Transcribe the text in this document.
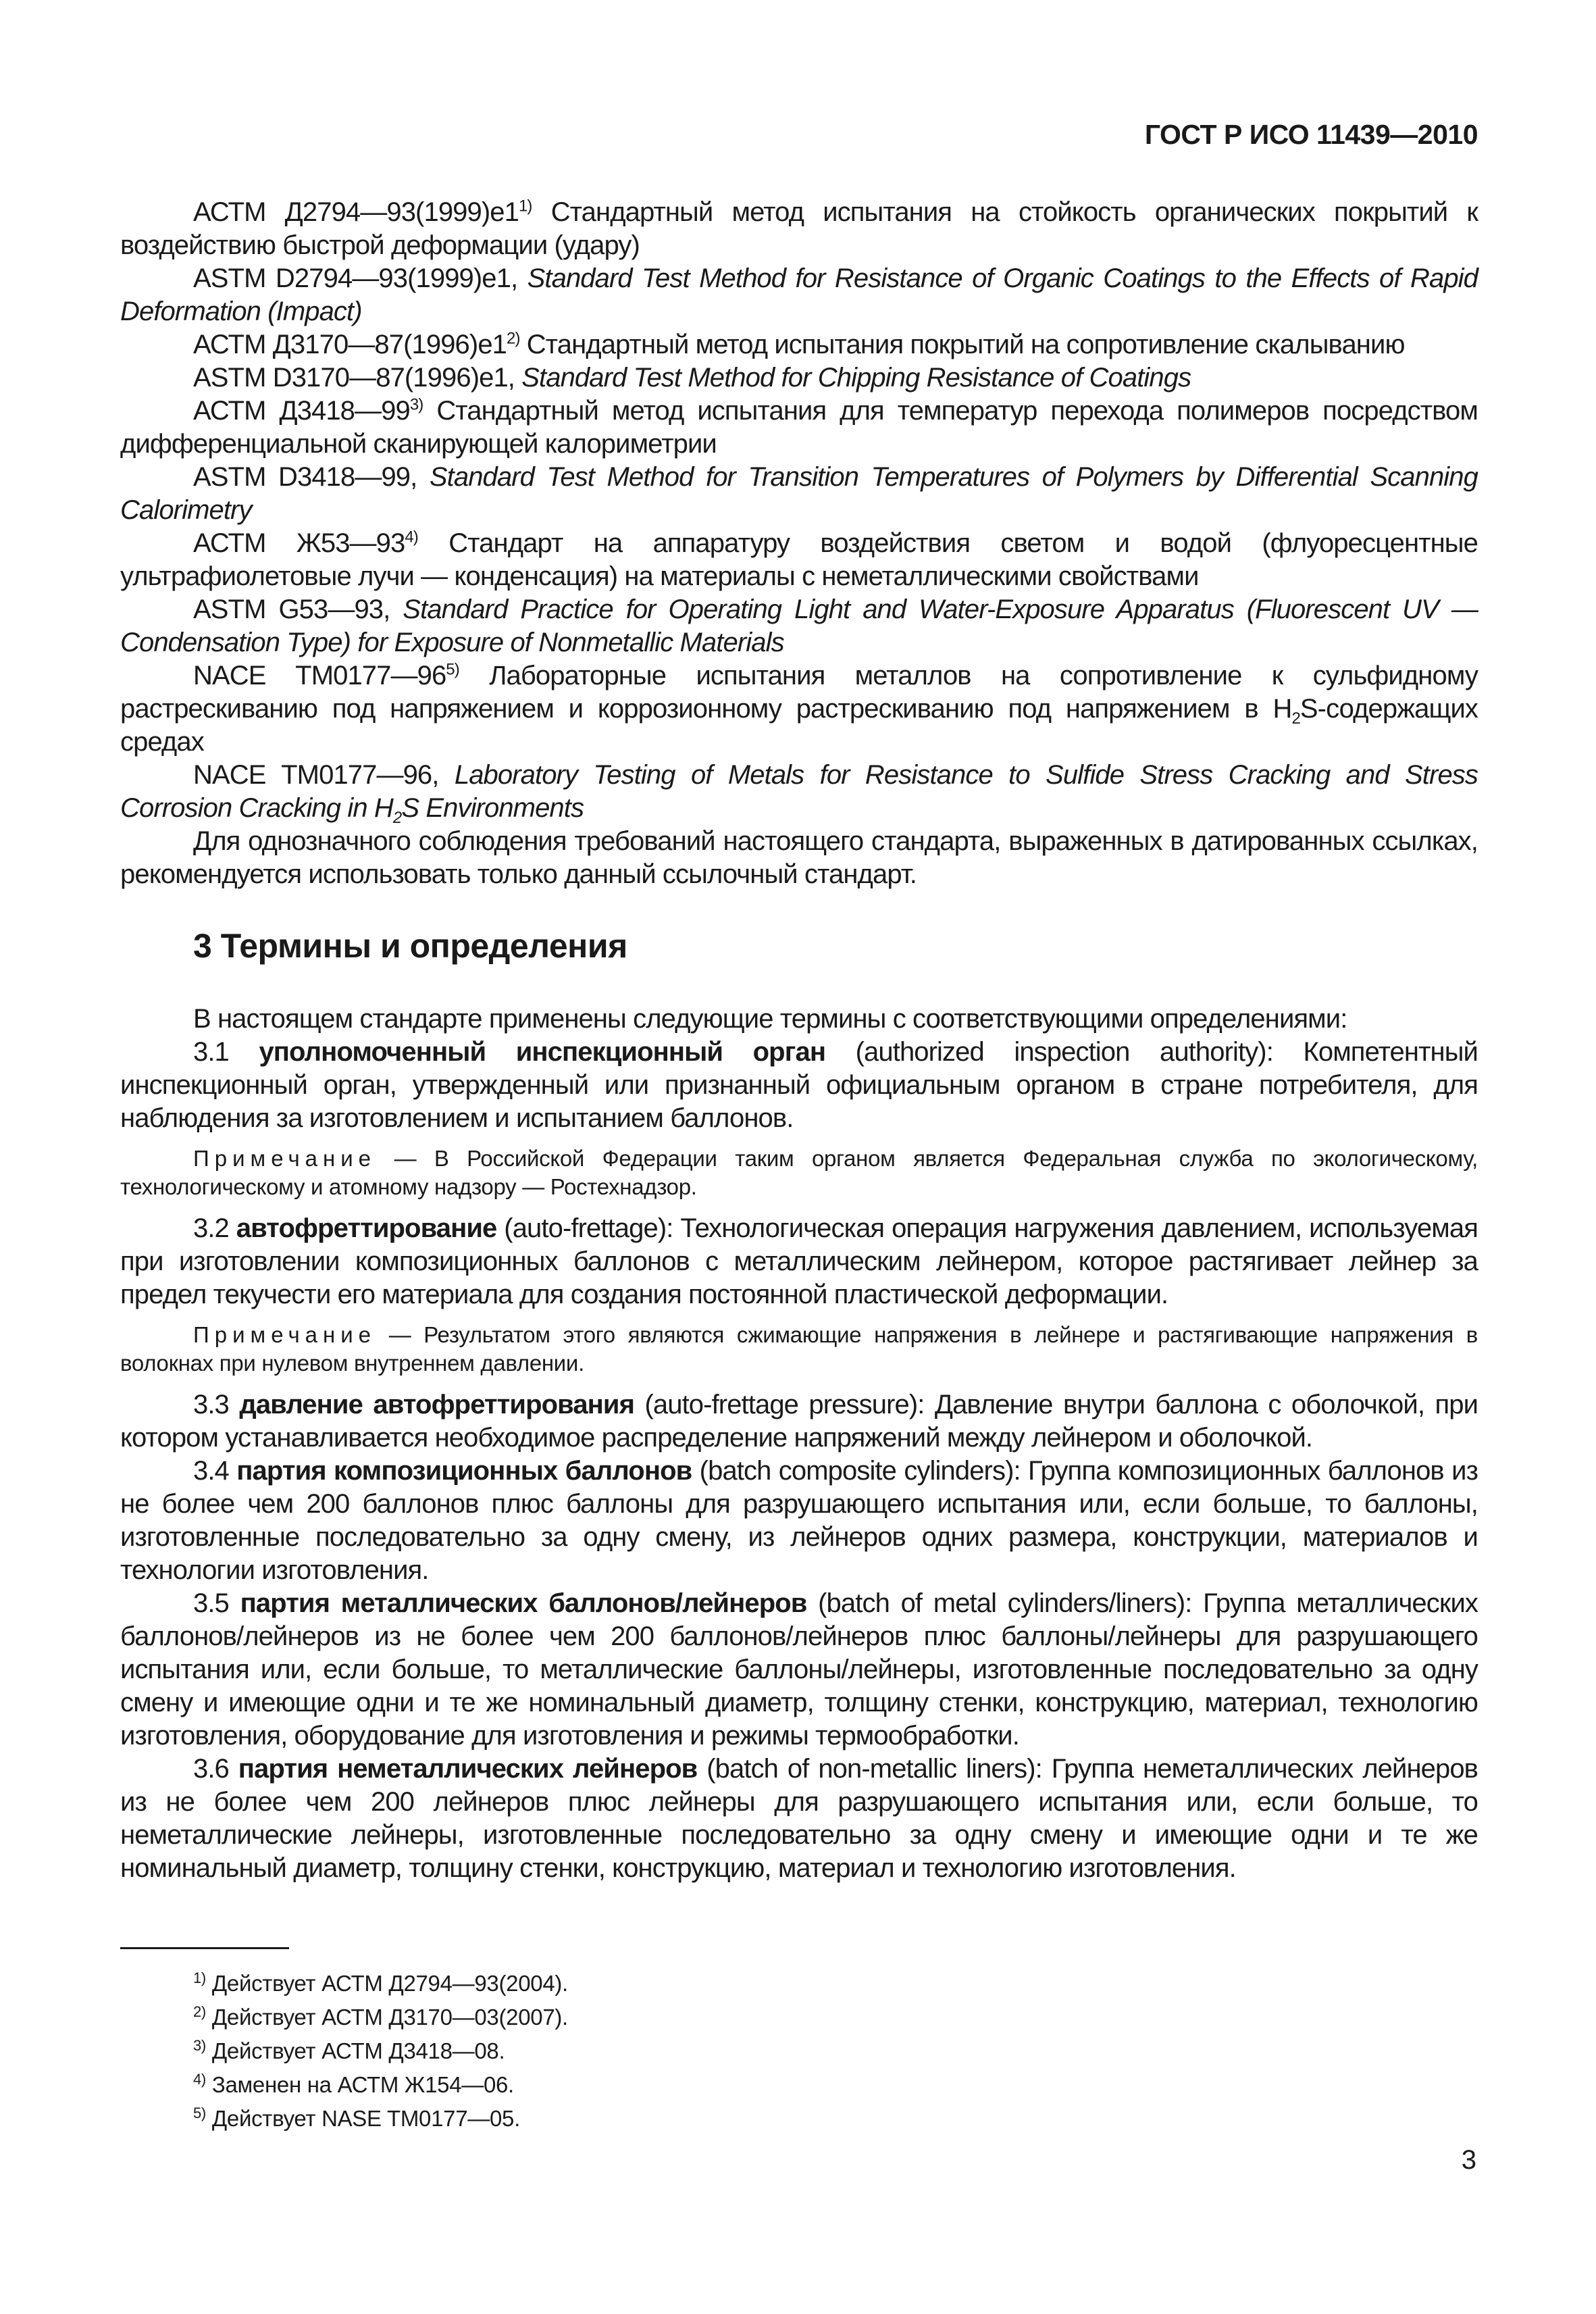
ГОСТ Р ИСО 11439—2010

АСТМ Д2794—93(1999)е1$^{1)}$ Стандартный метод испытания на стойкость органических покрытий к воздействию быстрой деформации (удару)

ASTM D2794—93(1999)e1, Standard Test Method for Resistance of Organic Coatings to the Effects of Rapid Deformation (Impact)

АСТМ Д3170—87(1996)е1$^{2)}$ Стандартный метод испытания покрытий на сопротивление скалыванию

ASTM D3170—87(1996)e1, Standard Test Method for Chipping Resistance of Coatings

АСТМ Д3418—99$^{3)}$ Стандартный метод испытания для температур перехода полимеров посредством дифференциальной сканирующей калориметрии

ASTM D3418—99, Standard Test Method for Transition Temperatures of Polymers by Differential Scanning Calorimetry

АСТМ Ж53—93$^{4)}$ Стандарт на аппаратуру воздействия светом и водой (флуоресцентные ультрафиолетовые лучи — конденсация) на материалы с неметаллическими свойствами

ASTM G53—93, Standard Practice for Operating Light and Water-Exposure Apparatus (Fluorescent UV — Condensation Type) for Exposure of Nonmetallic Materials

NACE TM0177—96$^{5)}$ Лабораторные испытания металлов на сопротивление к сульфидному растрескиванию под напряжением и коррозионному растрескиванию под напряжением в $H_2S$-содержащих средах

NACE TM0177—96, Laboratory Testing of Metals for Resistance to Sulfide Stress Cracking and Stress Corrosion Cracking in $H_2S$ Environments

Для однозначного соблюдения требований настоящего стандарта, выраженных в датированных ссылках, рекомендуется использовать только данный ссылочный стандарт.

3 Термины и определения

В настоящем стандарте применены следующие термины с соответствующими определениями:

3.1 уполномоченный инспекционный орган (authorized inspection authority): Компетентный инспекционный орган, утвержденный или признанный официальным органом в стране потребителя, для наблюдения за изготовлением и испытанием баллонов.

Примечание — В Российской Федерации таким органом является Федеральная служба по экологическому, технологическому и атомному надзору — Ростехнадзор.

3.2 автофреттирование (auto-frettage): Технологическая операция нагружения давлением, используемая при изготовлении композиционных баллонов с металлическим лейнером, которое растягивает лейнер за предел текучести его материала для создания постоянной пластической деформации.

Примечание — Результатом этого являются сжимающие напряжения в лейнере и растягивающие напряжения в волокнах при нулевом внутреннем давлении.

3.3 давление автофреттирования (auto-frettage pressure): Давление внутри баллона с оболочкой, при котором устанавливается необходимое распределение напряжений между лейнером и оболочкой.

3.4 партия композиционных баллонов (batch composite cylinders): Группа композиционных баллонов из не более чем 200 баллонов плюс баллоны для разрушающего испытания или, если больше, то баллоны, изготовленные последовательно за одну смену, из лейнеров одних размера, конструкции, материалов и технологии изготовления.

3.5 партия металлических баллонов/лейнеров (batch of metal cylinders/liners): Группа металлических баллонов/лейнеров из не более чем 200 баллонов/лейнеров плюс баллоны/лейнеры для разрушающего испытания или, если больше, то металлические баллоны/лейнеры, изготовленные последовательно за одну смену и имеющие одни и те же номинальный диаметр, толщину стенки, конструкцию, материал, технологию изготовления, оборудование для изготовления и режимы термообработки.

3.6 партия неметаллических лейнеров (batch of non-metallic liners): Группа неметаллических лейнеров из не более чем 200 лейнеров плюс лейнеры для разрушающего испытания или, если больше, то неметаллические лейнеры, изготовленные последовательно за одну смену и имеющие одни и те же номинальный диаметр, толщину стенки, конструкцию, материал и технологию изготовления.

$^{1)}$ Действует АСТМ Д2794—93(2004).
$^{2)}$ Действует АСТМ Д3170—03(2007).
$^{3)}$ Действует АСТМ Д3418—08.
$^{4)}$ Заменен на АСТМ Ж154—06.
$^{5)}$ Действует NASE TM0177—05.
3
